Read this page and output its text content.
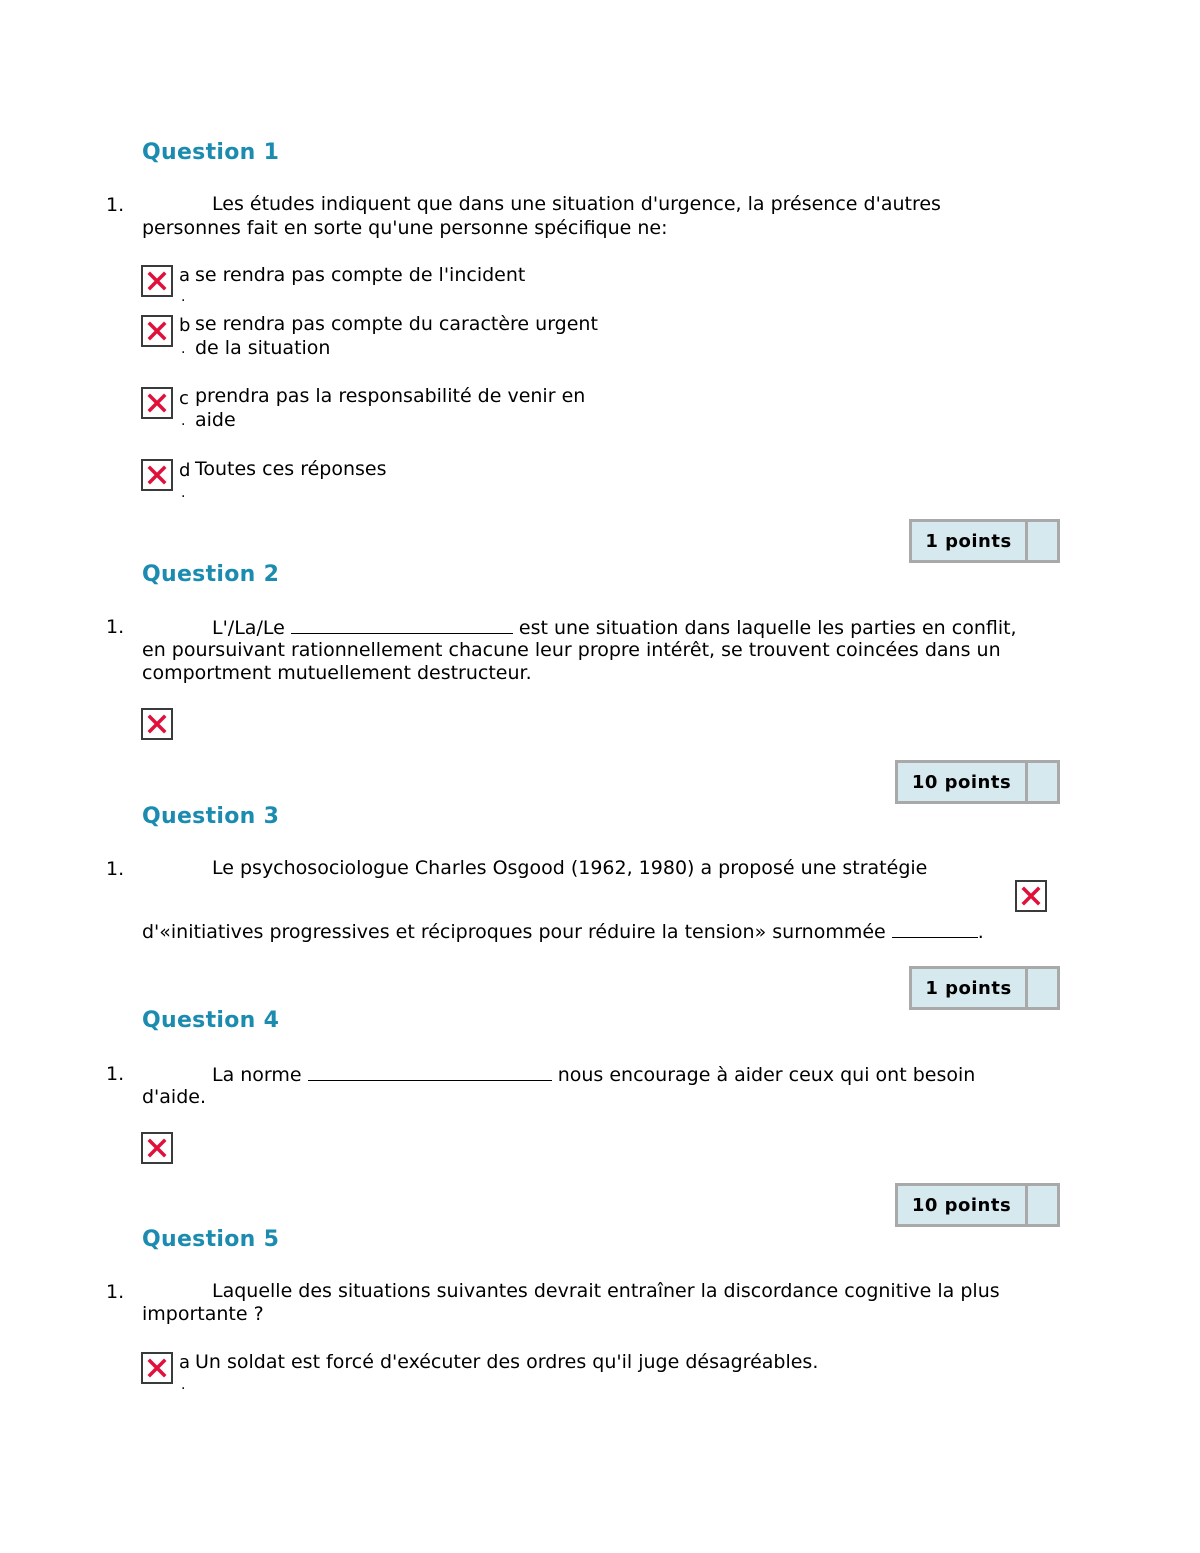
Question 1
1.	Les études indiquent que dans une situation d'urgence, la présence d'autres
personnes fait en sorte qu'une personne spécifique ne:
a
.
se rendra pas compte de l'incident
b
.
se rendra pas compte du caractère urgent
de la situation
c
.
prendra pas la responsabilité de venir en
aide
d
.
Toutes ces réponses
1 points
Question 2
1.	L'/La/Le	est une situation dans laquelle les parties en conflit,
en poursuivant rationnellement chacune leur propre intérêt, se trouvent coincées dans un
comportment mutuellement destructeur.
10 points
Question 3
1.	Le psychosociologue Charles Osgood (1962, 1980) a proposé une stratégie
d'«initiatives progressives et réciproques pour réduire la tension» surnommée	.
1 points
Question 4
1.	La norme	nous encourage à aider ceux qui ont besoin
d'aide.
10 points
Question 5
1.	Laquelle des situations suivantes devrait entraîner la discordance cognitive la plus
importante ?
a
.
Un soldat est forcé d'exécuter des ordres qu'il juge désagréables.
